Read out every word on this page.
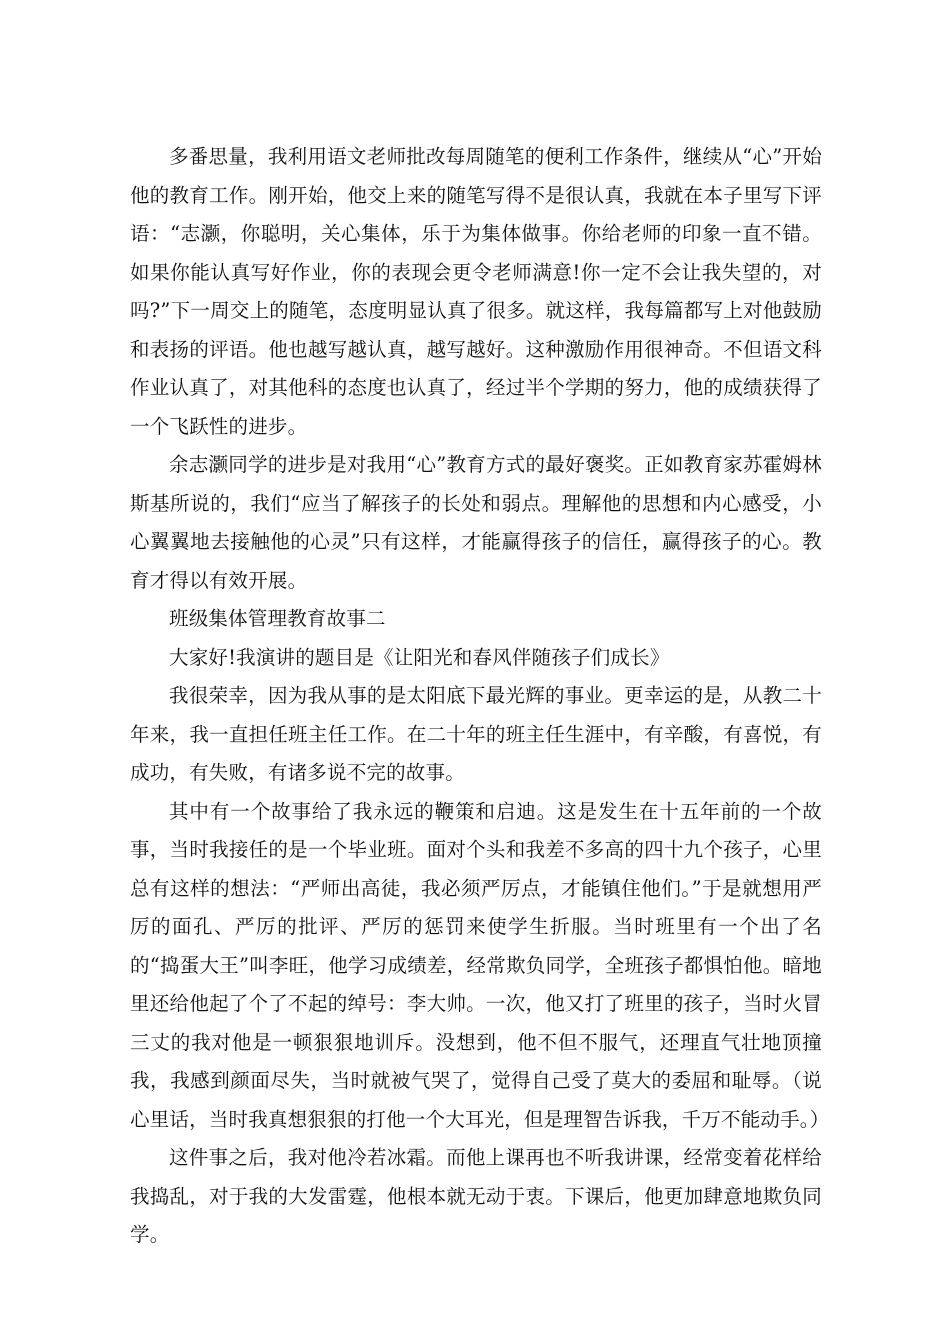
多番思量，我利用语文老师批改每周随笔的便利工作条件，继续从“心”开始他的教育工作。刚开始，他交上来的随笔写得不是很认真，我就在本子里写下评语：“志灏，你聪明，关心集体，乐于为集体做事。你给老师的印象一直不错。如果你能认真写好作业，你的表现会更令老师满意!你一定不会让我失望的，对吗?”下一周交上的随笔，态度明显认真了很多。就这样，我每篇都写上对他鼓励和表扬的评语。他也越写越认真，越写越好。这种激励作用很神奇。不但语文科作业认真了，对其他科的态度也认真了，经过半个学期的努力，他的成绩获得了一个飞跃性的进步。

余志灏同学的进步是对我用“心”教育方式的最好褒奖。正如教育家苏霍姆林斯基所说的，我们“应当了解孩子的长处和弱点。理解他的思想和内心感受，小心翼翼地去接触他的心灵”只有这样，才能赢得孩子的信任，赢得孩子的心。教育才得以有效开展。

班级集体管理教育故事二

大家好!我演讲的题目是《让阳光和春风伴随孩子们成长》

我很荣幸，因为我从事的是太阳底下最光辉的事业。更幸运的是，从教二十年来，我一直担任班主任工作。在二十年的班主任生涯中，有辛酸，有喜悦，有成功，有失败，有诸多说不完的故事。

其中有一个故事给了我永远的鞭策和启迪。这是发生在十五年前的一个故事，当时我接任的是一个毕业班。面对个头和我差不多高的四十九个孩子，心里总有这样的想法：“严师出高徒，我必须严厉点，才能镇住他们。”于是就想用严厉的面孔、严厉的批评、严厉的惩罚来使学生折服。当时班里有一个出了名的“捣蛋大王”叫李旺，他学习成绩差，经常欺负同学，全班孩子都惧怕他。暗地里还给他起了个了不起的绰号：李大帅。一次，他又打了班里的孩子，当时火冒三丈的我对他是一顿狠狠地训斥。没想到，他不但不服气，还理直气壮地顶撞我，我感到颜面尽失，当时就被气哭了，觉得自己受了莫大的委屈和耻辱。（说心里话，当时我真想狠狠的打他一个大耳光，但是理智告诉我，千万不能动手。）

这件事之后，我对他冷若冰霜。而他上课再也不听我讲课，经常变着花样给我捣乱，对于我的大发雷霆，他根本就无动于衷。下课后，他更加肆意地欺负同学。
